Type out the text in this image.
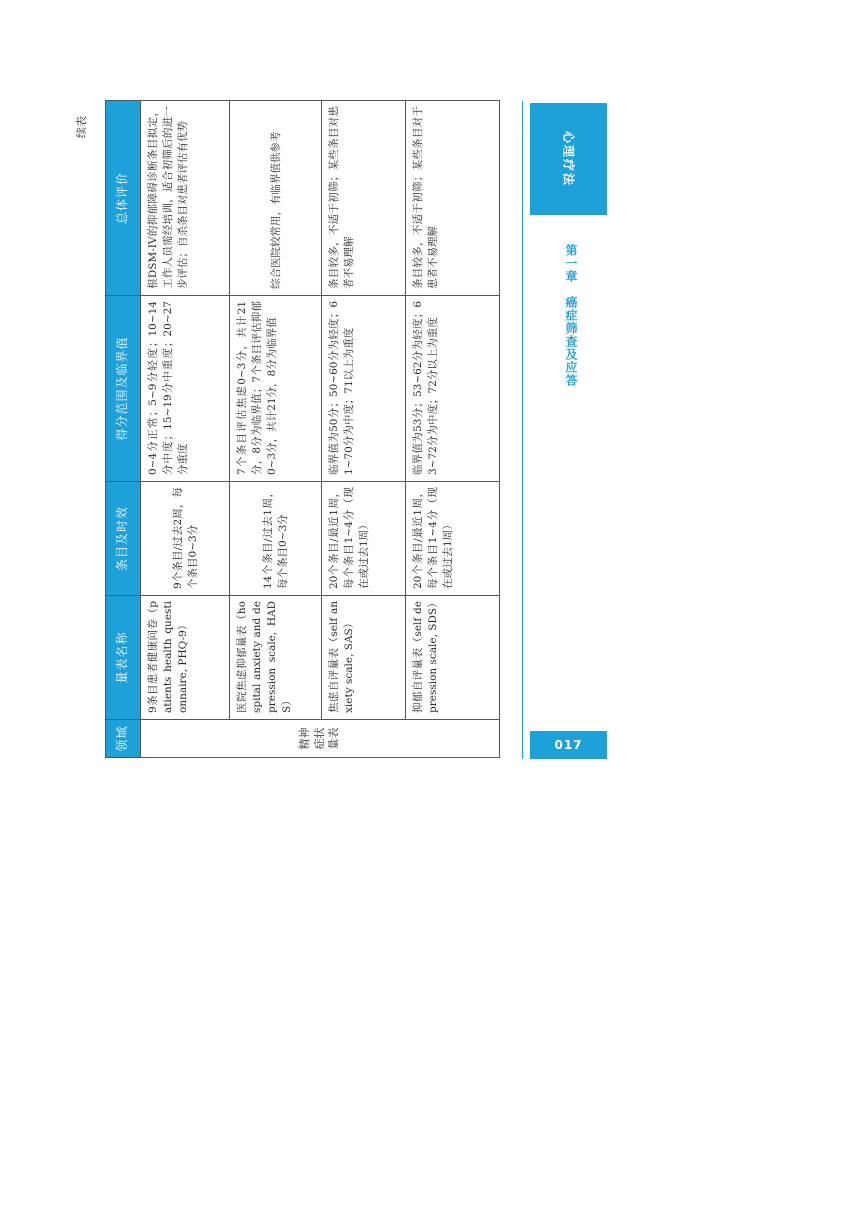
续表
领域	量表名称	条目及时效	得分范围及临界值	总体评价
精神症状量表	9条目患者健康问卷（patients health questionnaire, PHQ-9）	9个条目/过去2周，每个条目0~3分	0~4分正常；5~9分轻度；10~14分中度；15~19分中重度；20~27分重度	根DSM-IV的抑郁障碍诊断条目拟定，工作人员需经培训，适合初筛后的进一步评估；自杀条目对患者评估有优势
	医院焦虑抑郁量表（hospital anxiety and depression scale, HADS）	14个条目/过去1周，每个条目0~3分	7个条目评估焦虑0~3分，共计21分，8分为临界值；7个条目评估抑郁0~3分，共计21分，8分为临界值	综合医院较常用，有临界值供参考
	焦虑自评量表（self anxiety scale, SAS）	20个条目/最近1周，每个条目1~4分（现在或过去1周）	临界值为50分；50~60分为轻度；61~70分为中度；71以上为重度	条目较多，不适于初筛；某些条目对患者不易理解
	抑郁自评量表（self depression scale, SDS）	20个条目/最近1周，每个条目1~4分（现在或过去1周）	临界值为53分；53~62分为轻度；63~72分为中度；72分以上为重度	条目较多，不适于初筛；某些条目对于患者不易理解
心理疗法
第一章　癌症筛查及应答
017
